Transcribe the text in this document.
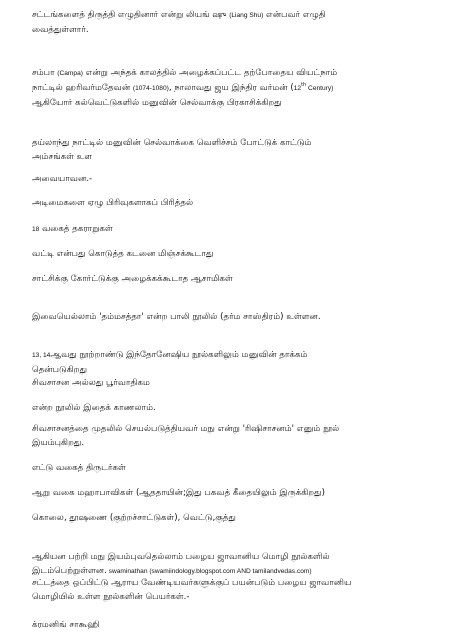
சட்டங்களைத் திருத்தி எழுதினார் என்று லியங் ஷு (Liang Shu) என்பவர் எழுதி
வைத்துள்ளார்.
சம்பா (Campa) என்று அந்தக் காலத்தில் அழைக்கப்பட்ட தற்போதைய வியட்நாம்
நாட்டில் ஹரிவர்மதேவன் (1074-1080), நாலாவது ஜய இந்திர வர்மன் (12th Century)
ஆகியோர் கல்வெட்டுகளில் மனுவின் செல்வாக்கு பிரகாசிக்கிறது
தய்லாந்து நாட்டில் மனுவின் செல்வாக்கை வெளிச்சம் போட்டுக் காட்டும்
அம்சங்கள் உள
அவையாவன.-
அடிமைகளை ஏழு பிரிவுகளாகப் பிரித்தல்
18 வகைத் தகராறுகள்
வட்டி என்பது கொடுத்த கடனை மிஞ்சக்கூடாது
சாட்சிக்கு கோர்ட்டுக்கு அழைக்கக்கூடாத ஆசாமிகள்
இவையெல்லாம் 'தம்மசத்தா' என்ற பாலி நூலில் (தர்ம சாஸ்திரம்) உள்ளன.
13, 14ஆவது நூற்றாண்டு இந்தோனேஷிய நூல்களிலும் மனுவின் தாக்கம்
தென்படுகிறது
சிவசாசன அல்லது பூர்வாதிகம
என்ற நூலில் இதைக் காணலாம்.
சிவசாசனத்தை முதலில் செயல்படுத்தியவர் மநு என்று 'ரிஷிசாசனம்' எனும் நூல்
இயம்புகிறது.
எட்டு வகைத் திருடர்கள்
ஆறு வகை மஹாபாவிகள் (ஆததாயின்;இது பகவத் கீதையிலும் இருக்கிறது)
கொலை, தூஷணை (குற்றச்சாட்டுகள்), வெட்டு,குத்து
ஆகியன பற்றி மநு இயம்புவதெல்லாம் பழைய ஜாவானிய மொழி நூல்களில்
இடம்பெற்றுள்ளன. swaminathan (swamiindology.blogspot.com AND tamilandvedas.com)
சட்டத்தை ஒப்பிட்டு ஆராய வேண்டியவர்களுக்குப் பயன்படும் பழைய ஜாவானிய
மொழியில் உள்ள நூல்களின் பெயர்கள்.-
க்ரமனிங் சாகூஹி
